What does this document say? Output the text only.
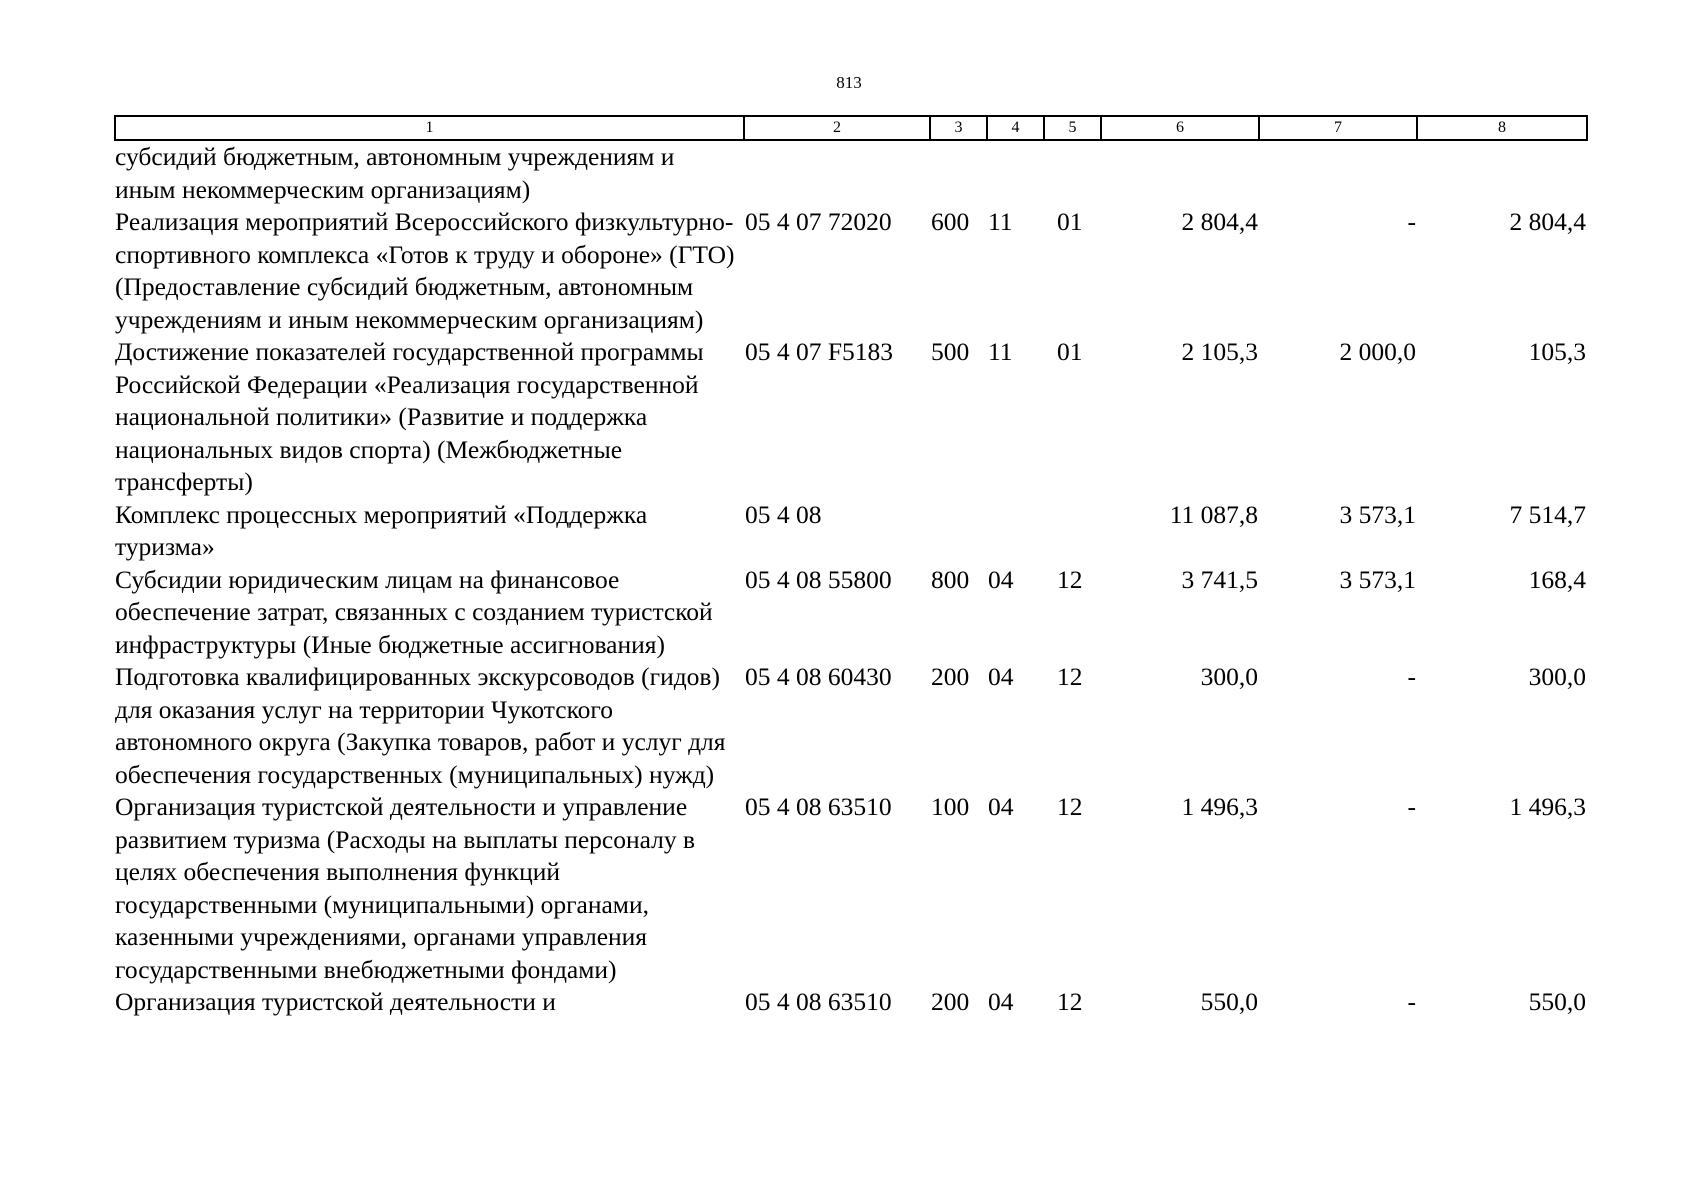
813
1	2	3	4	5	6	7	8
субсидий бюджетным, автономным учреждениям и иным некоммерческим организациям)							
Реализация мероприятий Всероссийского физкультурно-спортивного комплекса «Готов к труду и обороне» (ГТО) (Предоставление субсидий бюджетным, автономным учреждениям и иным некоммерческим организациям)	05 4 07 72020	600	11	01	2 804,4	-	2 804,4
Достижение показателей государственной программы Российской Федерации «Реализация государственной национальной политики» (Развитие и поддержка национальных видов спорта) (Межбюджетные трансферты)	05 4 07 F5183	500	11	01	2 105,3	2 000,0	105,3
Комплекс процессных мероприятий «Поддержка туризма»	05 4 08				11 087,8	3 573,1	7 514,7
Субсидии юридическим лицам на финансовое обеспечение затрат, связанных с созданием туристской инфраструктуры (Иные бюджетные ассигнования)	05 4 08 55800	800	04	12	3 741,5	3 573,1	168,4
Подготовка квалифицированных экскурсоводов (гидов) для оказания услуг на территории Чукотского автономного округа (Закупка товаров, работ и услуг для обеспечения государственных (муниципальных) нужд)	05 4 08 60430	200	04	12	300,0	-	300,0
Организация туристской деятельности и управление развитием туризма (Расходы на выплаты персоналу в целях обеспечения выполнения функций государственными (муниципальными) органами, казенными учреждениями, органами управления государственными внебюджетными фондами)	05 4 08 63510	100	04	12	1 496,3	-	1 496,3
Организация туристской деятельности и	05 4 08 63510	200	04	12	550,0	-	550,0
